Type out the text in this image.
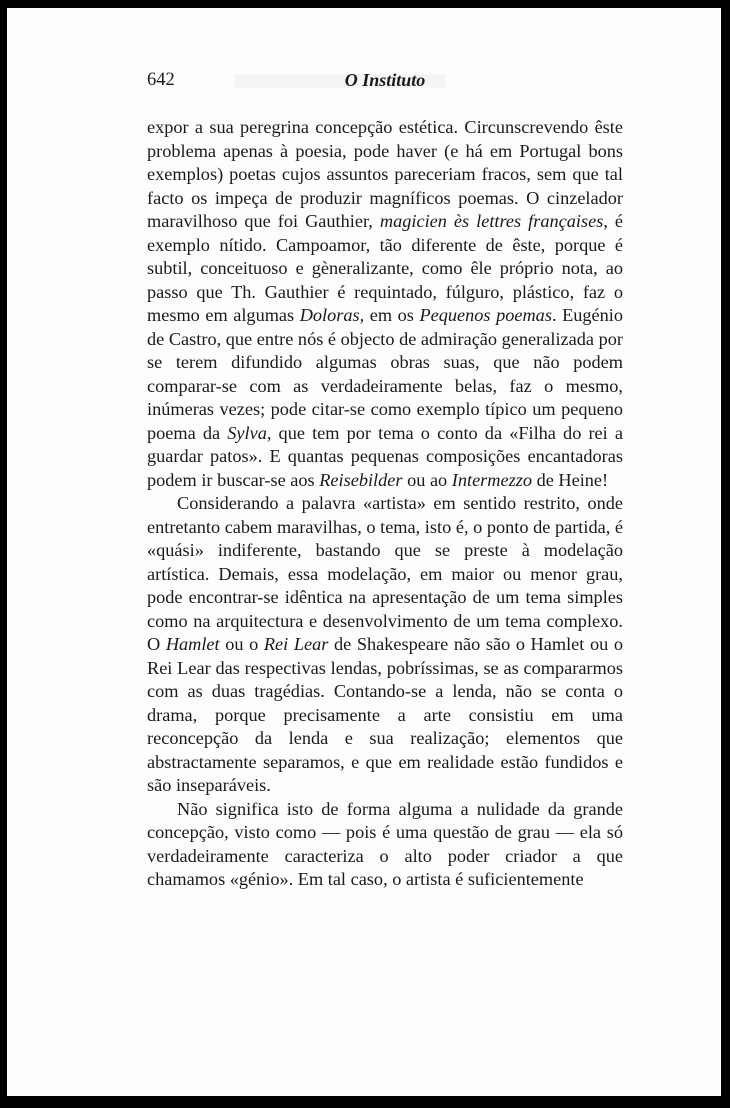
642	O Instituto

expor a sua peregrina concepção estética. Circunscrevendo êste problema apenas à poesia, pode haver (e há em Portugal bons exemplos) poetas cujos assuntos pareceriam fracos, sem que tal facto os impeça de produzir magníficos poemas. O cinzelador maravilhoso que foi Gauthier, magicien ès lettres françaises, é exemplo nítido. Campoamor, tão diferente de êste, porque é subtil, conceituoso e gèneralizante, como êle próprio nota, ao passo que Th. Gauthier é requintado, fúlguro, plástico, faz o mesmo em algumas Doloras, em os Pequenos poemas. Eugénio de Castro, que entre nós é objecto de admiração generalizada por se terem difundido algumas obras suas, que não podem comparar-se com as verdadeiramente belas, faz o mesmo, inúmeras vezes; pode citar-se como exemplo típico um pequeno poema da Sylva, que tem por tema o conto da «Filha do rei a guardar patos». E quantas pequenas composições encantadoras podem ir buscar-se aos Reisebilder ou ao Intermezzo de Heine!

Considerando a palavra «artista» em sentido restrito, onde entretanto cabem maravilhas, o tema, isto é, o ponto de partida, é «quási» indiferente, bastando que se preste à modelação artística. Demais, essa modelação, em maior ou menor grau, pode encontrar-se idêntica na apresentação de um tema simples como na arquitectura e desenvolvimento de um tema complexo. O Hamlet ou o Rei Lear de Shakespeare não são o Hamlet ou o Rei Lear das respectivas lendas, pobríssimas, se as compararmos com as duas tragédias. Contando-se a lenda, não se conta o drama, porque precisamente a arte consistiu em uma reconcepção da lenda e sua realização; elementos que abstractamente separamos, e que em realidade estão fundidos e são inseparáveis.

Não significa isto de forma alguma a nulidade da grande concepção, visto como — pois é uma questão de grau — ela só verdadeiramente caracteriza o alto poder criador a que chamamos «génio». Em tal caso, o artista é suficientemente
